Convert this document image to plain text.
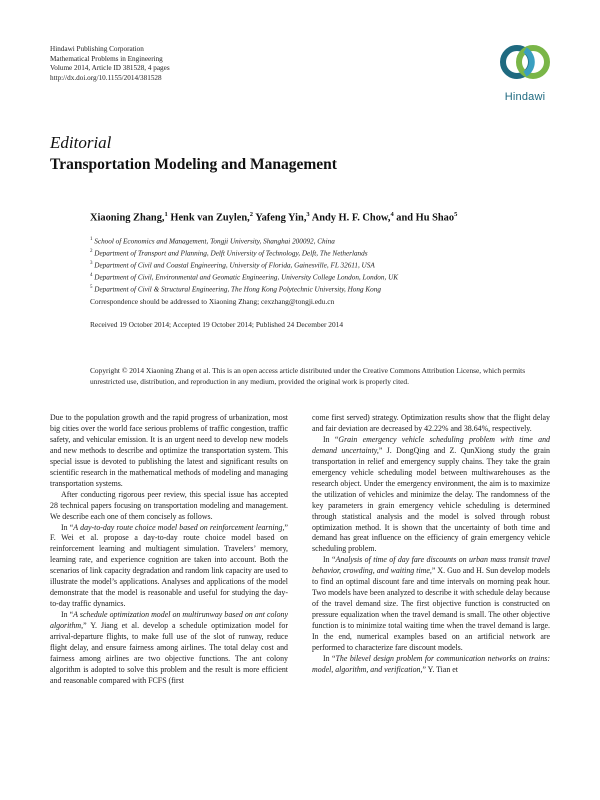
Hindawi Publishing Corporation
Mathematical Problems in Engineering
Volume 2014, Article ID 381528, 4 pages
http://dx.doi.org/10.1155/2014/381528
Hindawi
Editorial
Transportation Modeling and Management
Xiaoning Zhang,$^1$ Henk van Zuylen,$^2$ Yafeng Yin,$^3$ Andy H. F. Chow,$^4$ and Hu Shao$^5$
$^1$ School of Economics and Management, Tongji University, Shanghai 200092, China
$^2$ Department of Transport and Planning, Delft University of Technology, Delft, The Netherlands
$^3$ Department of Civil and Coastal Engineering, University of Florida, Gainesville, FL 32611, USA
$^4$ Department of Civil, Environmental and Geomatic Engineering, University College London, London, UK
$^5$ Department of Civil & Structural Engineering, The Hong Kong Polytechnic University, Hong Kong
Correspondence should be addressed to Xiaoning Zhang; cexzhang@tongji.edu.cn
Received 19 October 2014; Accepted 19 October 2014; Published 24 December 2014
Copyright © 2014 Xiaoning Zhang et al. This is an open access article distributed under the Creative Commons Attribution License, which permits unrestricted use, distribution, and reproduction in any medium, provided the original work is properly cited.

Due to the population growth and the rapid progress of urbanization, most big cities over the world face serious problems of traffic congestion, traffic safety, and vehicular emission. It is an urgent need to develop new models and new methods to describe and optimize the transportation system. This special issue is devoted to publishing the latest and significant results on scientific research in the mathematical methods of modeling and managing transportation systems.

After conducting rigorous peer review, this special issue has accepted 28 technical papers focusing on transportation modeling and management. We describe each one of them concisely as follows.

In “A day-to-day route choice model based on reinforcement learning,” F. Wei et al. propose a day-to-day route choice model based on reinforcement learning and multiagent simulation. Travelers’ memory, learning rate, and experience cognition are taken into account. Both the scenarios of link capacity degradation and random link capacity are used to illustrate the model’s applications. Analyses and applications of the model demonstrate that the model is reasonable and useful for studying the day-to-day traffic dynamics.

In “A schedule optimization model on multirunway based on ant colony algorithm,” Y. Jiang et al. develop a schedule optimization model for arrival-departure flights, to make full use of the slot of runway, reduce flight delay, and ensure fairness among airlines. The total delay cost and fairness among airlines are two objective functions. The ant colony algorithm is adopted to solve this problem and the result is more efficient and reasonable compared with FCFS (first

come first served) strategy. Optimization results show that the flight delay and fair deviation are decreased by 42.22% and 38.64%, respectively.

In “Grain emergency vehicle scheduling problem with time and demand uncertainty,” J. DongQing and Z. QunXiong study the grain transportation in relief and emergency supply chains. They take the grain emergency vehicle scheduling model between multiwarehouses as the research object. Under the emergency environment, the aim is to maximize the utilization of vehicles and minimize the delay. The randomness of the key parameters in grain emergency vehicle scheduling is determined through statistical analysis and the model is solved through robust optimization method. It is shown that the uncertainty of both time and demand has great influence on the efficiency of grain emergency vehicle scheduling problem.

In “Analysis of time of day fare discounts on urban mass transit travel behavior, crowding, and waiting time,” X. Guo and H. Sun develop models to find an optimal discount fare and time intervals on morning peak hour. Two models have been analyzed to describe it with schedule delay because of the travel demand size. The first objective function is constructed on pressure equalization when the travel demand is small. The other objective function is to minimize total waiting time when the travel demand is large. In the end, numerical examples based on an artificial network are performed to characterize fare discount models.

In “The bilevel design problem for communication networks on trains: model, algorithm, and verification,” Y. Tian et
